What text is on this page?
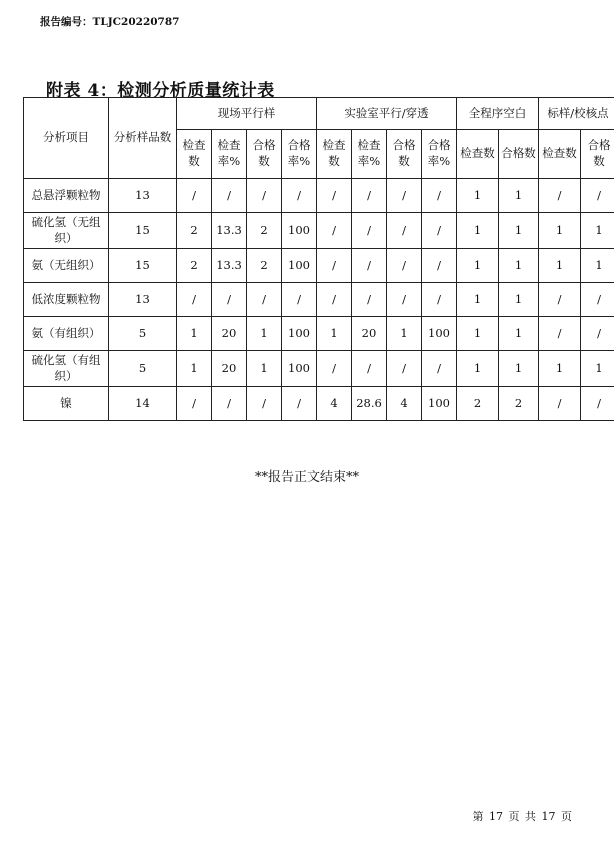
报告编号：TLJC20220787
附表 4：检测分析质量统计表
分析项目	分析样品数	现场平行样				实验室平行/穿透				全程序空白		标样/校核点	
		检查数	检查率%	合格数	合格率%	检查数	检查率%	合格数	合格率%	检查数	合格数	检查数	合格数
总悬浮颗粒物	13	/	/	/	/	/	/	/	/	1	1	/	/
硫化氢（无组织）	15	2	13.3	2	100	/	/	/	/	1	1	1	1
氨（无组织）	15	2	13.3	2	100	/	/	/	/	1	1	1	1
低浓度颗粒物	13	/	/	/	/	/	/	/	/	1	1	/	/
氨（有组织）	5	1	20	1	100	1	20	1	100	1	1	/	/
硫化氢（有组织）	5	1	20	1	100	/	/	/	/	1	1	1	1
镍	14	/	/	/	/	4	28.6	4	100	2	2	/	/
**报告正文结束**
第 17 页 共 17 页
